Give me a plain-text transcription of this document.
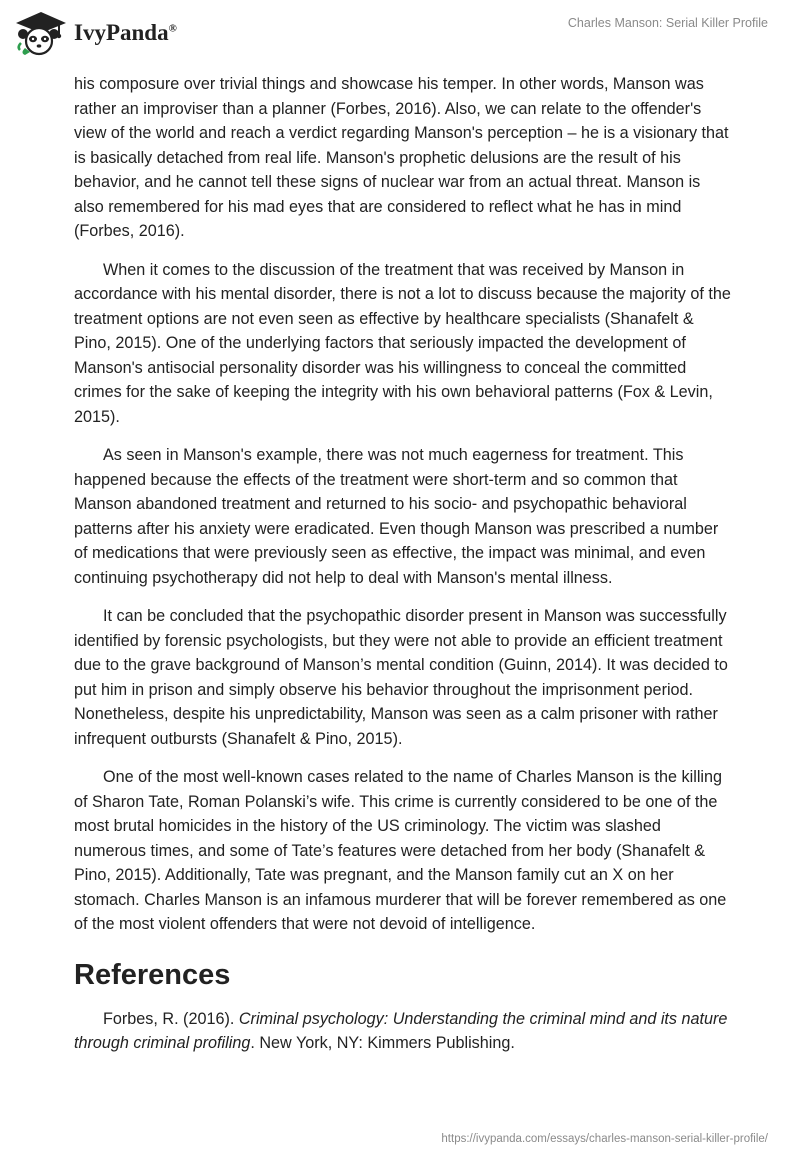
IvyPanda®	Charles Manson: Serial Killer Profile

his composure over trivial things and showcase his temper. In other words, Manson was rather an improviser than a planner (Forbes, 2016). Also, we can relate to the offender's view of the world and reach a verdict regarding Manson's perception – he is a visionary that is basically detached from real life. Manson's prophetic delusions are the result of his behavior, and he cannot tell these signs of nuclear war from an actual threat. Manson is also remembered for his mad eyes that are considered to reflect what he has in mind (Forbes, 2016).

When it comes to the discussion of the treatment that was received by Manson in accordance with his mental disorder, there is not a lot to discuss because the majority of the treatment options are not even seen as effective by healthcare specialists (Shanafelt & Pino, 2015). One of the underlying factors that seriously impacted the development of Manson's antisocial personality disorder was his willingness to conceal the committed crimes for the sake of keeping the integrity with his own behavioral patterns (Fox & Levin, 2015).

As seen in Manson's example, there was not much eagerness for treatment. This happened because the effects of the treatment were short-term and so common that Manson abandoned treatment and returned to his socio- and psychopathic behavioral patterns after his anxiety were eradicated. Even though Manson was prescribed a number of medications that were previously seen as effective, the impact was minimal, and even continuing psychotherapy did not help to deal with Manson's mental illness.

It can be concluded that the psychopathic disorder present in Manson was successfully identified by forensic psychologists, but they were not able to provide an efficient treatment due to the grave background of Manson’s mental condition (Guinn, 2014). It was decided to put him in prison and simply observe his behavior throughout the imprisonment period. Nonetheless, despite his unpredictability, Manson was seen as a calm prisoner with rather infrequent outbursts (Shanafelt & Pino, 2015).

One of the most well-known cases related to the name of Charles Manson is the killing of Sharon Tate, Roman Polanski’s wife. This crime is currently considered to be one of the most brutal homicides in the history of the US criminology. The victim was slashed numerous times, and some of Tate’s features were detached from her body (Shanafelt & Pino, 2015). Additionally, Tate was pregnant, and the Manson family cut an X on her stomach. Charles Manson is an infamous murderer that will be forever remembered as one of the most violent offenders that were not devoid of intelligence.

References

Forbes, R. (2016). Criminal psychology: Understanding the criminal mind and its nature through criminal profiling. New York, NY: Kimmers Publishing.

https://ivypanda.com/essays/charles-manson-serial-killer-profile/
